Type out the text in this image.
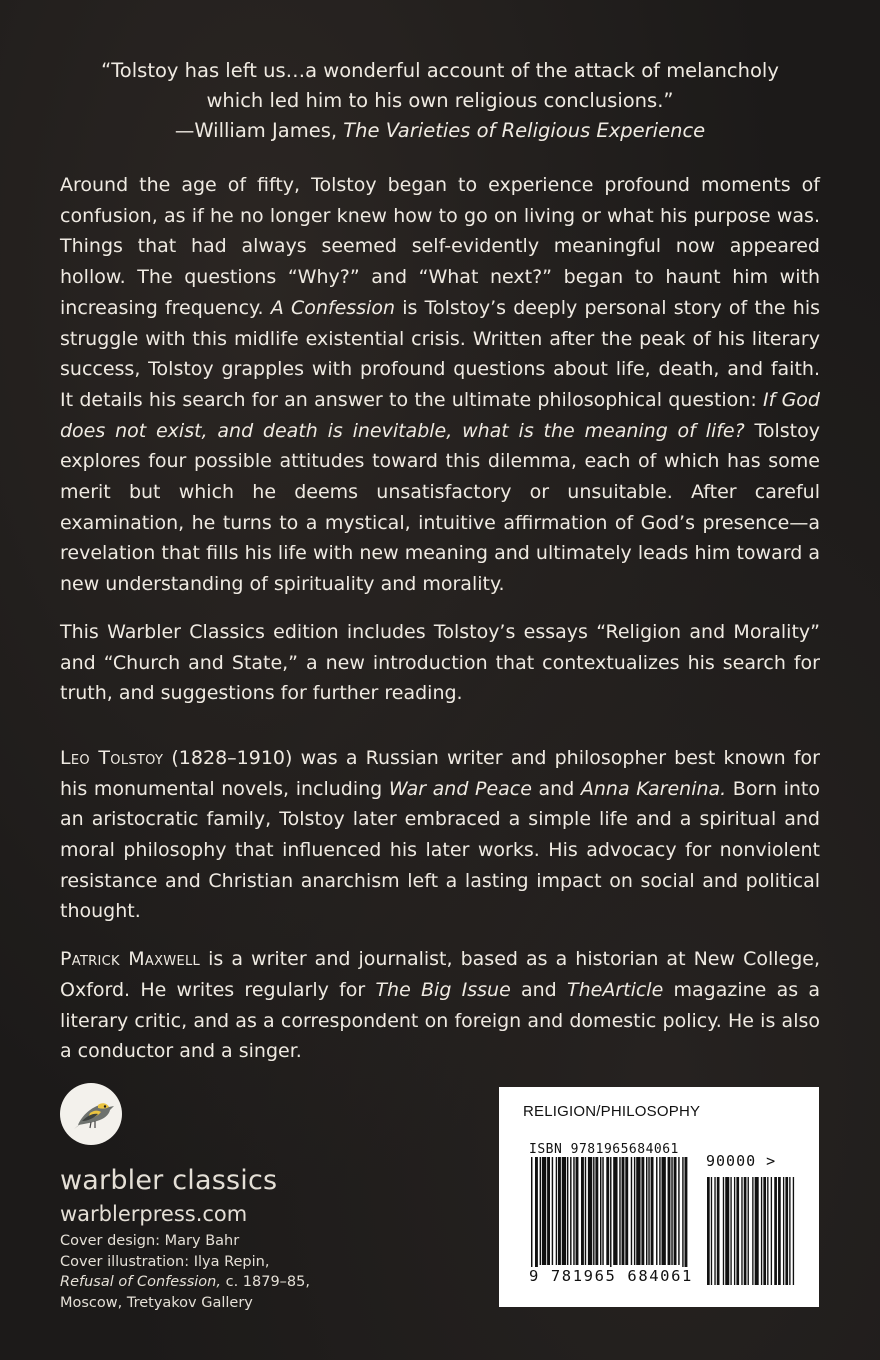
“Tolstoy has left us…a wonderful account of the attack of melancholy
which led him to his own religious conclusions.”
—William James, The Varieties of Religious Experience

Around the age of fifty, Tolstoy began to experience profound moments of confusion, as if he no longer knew how to go on living or what his purpose was. Things that had always seemed self-evidently meaningful now appeared hollow. The questions “Why?” and “What next?” began to haunt him with increasing frequency. A Confession is Tolstoy’s deeply personal story of the his struggle with this midlife existential crisis. Written after the peak of his literary success, Tolstoy grapples with profound questions about life, death, and faith. It details his search for an answer to the ultimate philosophical question: If God does not exist, and death is inevitable, what is the meaning of life? Tolstoy explores four possible attitudes toward this dilemma, each of which has some merit but which he deems unsatisfactory or unsuitable. After careful examination, he turns to a mystical, intuitive affirmation of God’s presence—a revelation that fills his life with new meaning and ultimately leads him toward a new understanding of spirituality and morality.

This Warbler Classics edition includes Tolstoy’s essays “Religion and Morality” and “Church and State,” a new introduction that contextualizes his search for truth, and suggestions for further reading.

Leo Tolstoy (1828–1910) was a Russian writer and philosopher best known for his monumental novels, including War and Peace and Anna Karenina. Born into an aristocratic family, Tolstoy later embraced a simple life and a spiritual and moral philosophy that influenced his later works. His advocacy for nonviolent resistance and Christian anarchism left a lasting impact on social and political thought.

Patrick Maxwell is a writer and journalist, based as a historian at New College, Oxford. He writes regularly for The Big Issue and TheArticle magazine as a literary critic, and as a correspondent on foreign and domestic policy. He is also a conductor and a singer.

warbler classics
warblerpress.com
Cover design: Mary Bahr
Cover illustration: Ilya Repin,
Refusal of Confession, c. 1879–85,
Moscow, Tretyakov Gallery
RELIGION/PHILOSOPHY
ISBN 9781965684061
90000 >
9 781965 684061
